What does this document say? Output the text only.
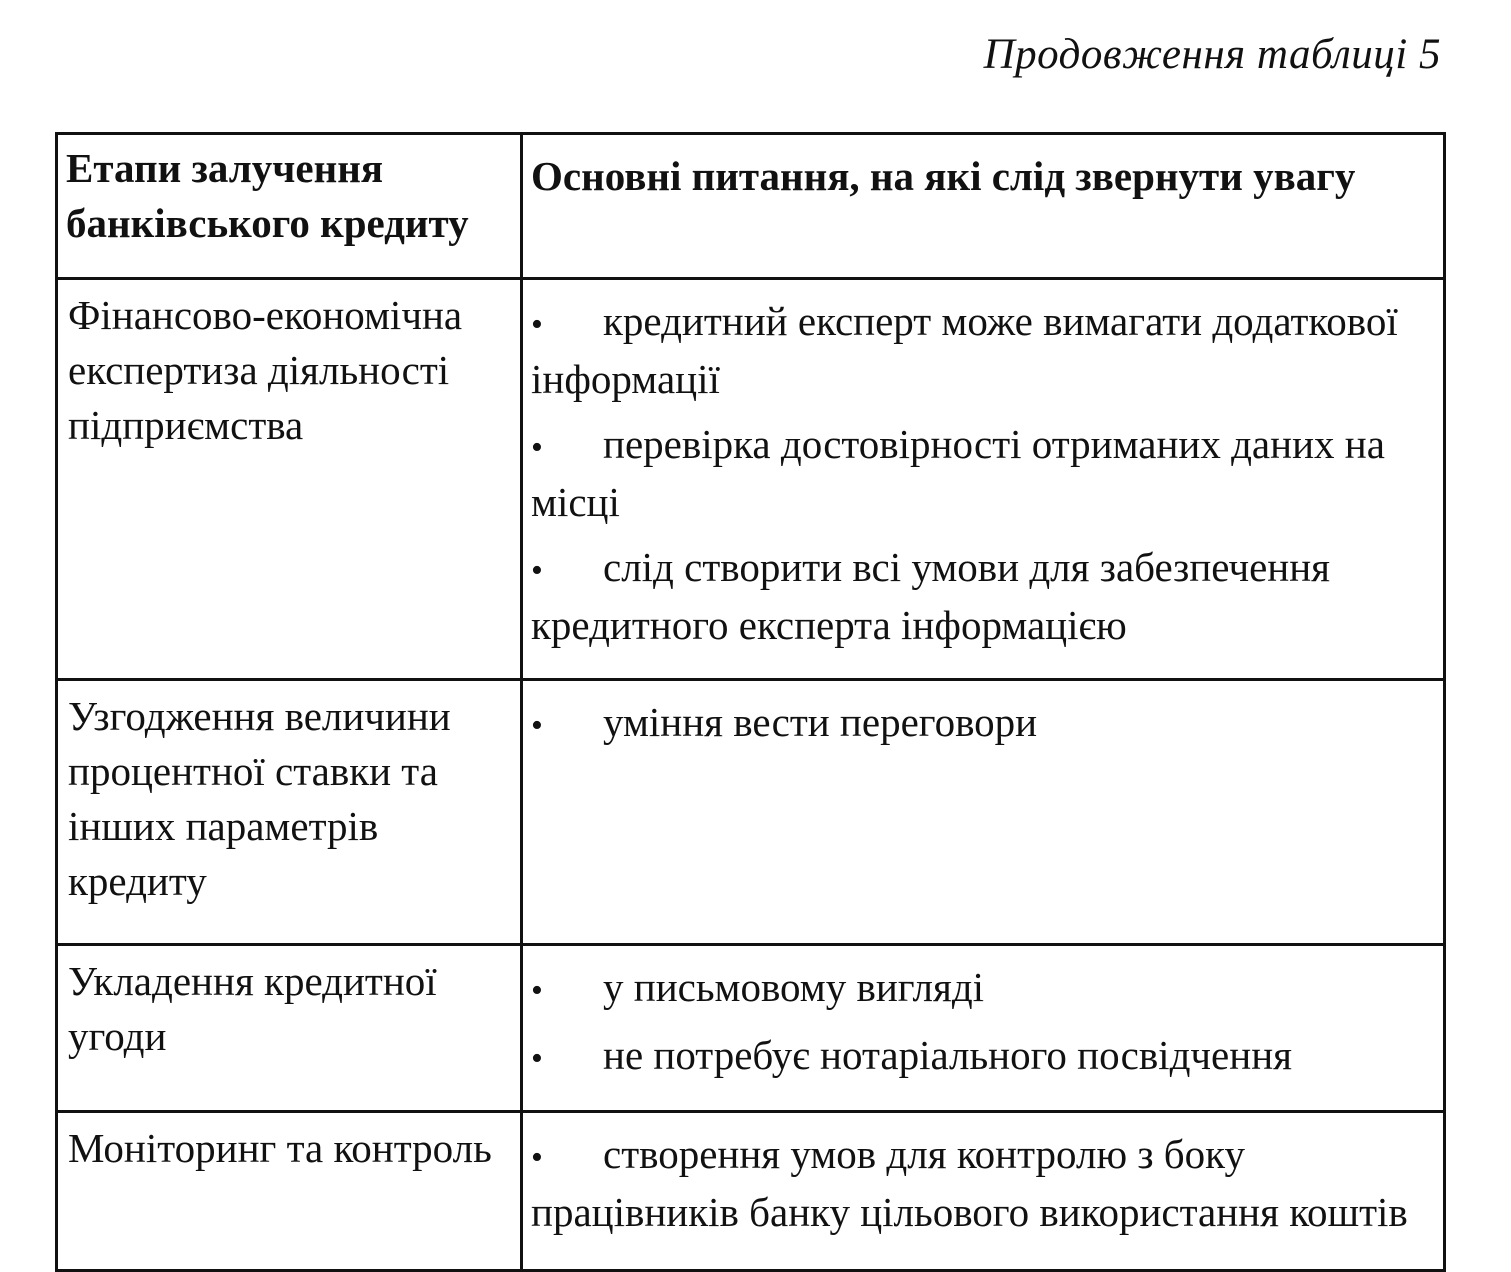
Продовження таблиці 5
Етапи залучення банківського кредиту	Основні питання, на які слід звернути увагу
Фінансово-економічна експертиза діяльності підприємства	• кредитний експерт може вимагати додаткової інформації
• перевірка достовірності отриманих даних на місці
• слід створити всі умови для забезпечення кредитного експерта інформацією

Узгодження величини процентної ставки та інших параметрів кредиту	• уміння вести переговори

Укладення кредитної угоди	• у письмовому вигляді
• не потребує нотаріального посвідчення

Моніторинг та контроль	• створення умов для контролю з боку працівників банку цільового використання коштів
